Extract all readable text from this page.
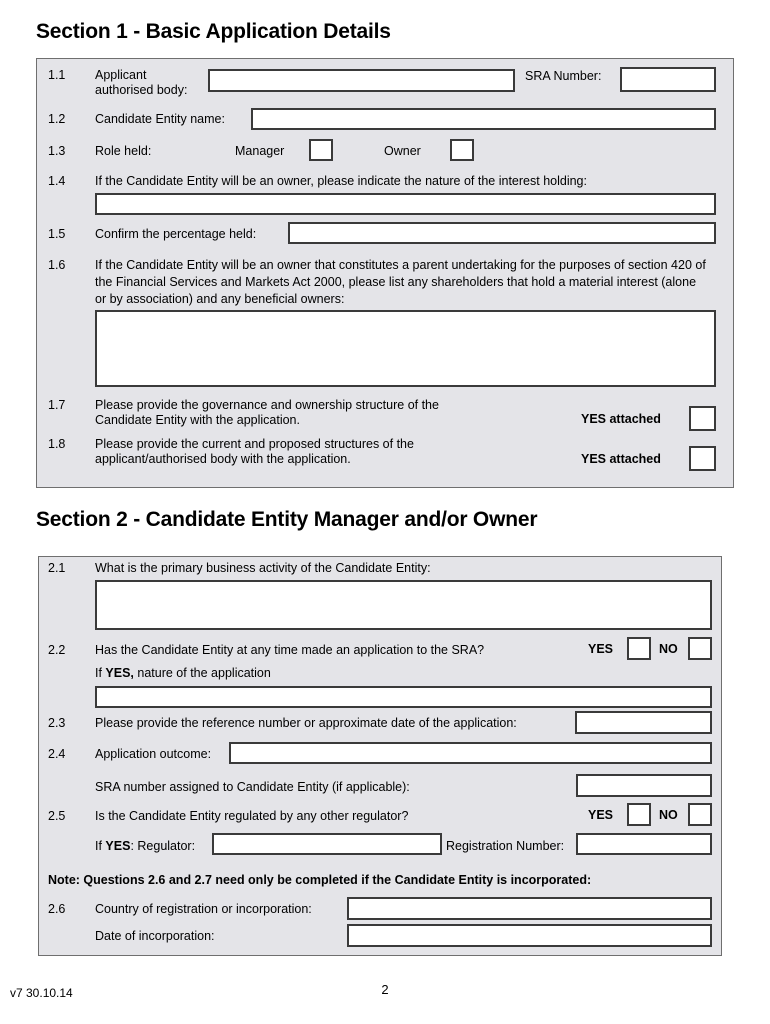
Section 1 - Basic Application Details
1.1 Applicant
authorised body:
SRA Number:
1.2 Candidate Entity name:
1.3 Role held:	Manager	Owner
1.4 If the Candidate Entity will be an owner, please indicate the nature of the interest holding:
1.5 Confirm the percentage held:
1.6 If the Candidate Entity will be an owner that constitutes a parent undertaking for the purposes of section 420 of the Financial Services and Markets Act 2000, please list any shareholders that hold a material interest (alone or by association) and any beneficial owners:
1.7 Please provide the governance and ownership structure of the
Candidate Entity with the application.	YES attached
1.8 Please provide the current and proposed structures of the
applicant/authorised body with the application.	YES attached
Section 2 - Candidate Entity Manager and/or Owner
2.1 What is the primary business activity of the Candidate Entity:
2.2 Has the Candidate Entity at any time made an application to the SRA?	YES	NO
If YES, nature of the application
2.3 Please provide the reference number or approximate date of the application:
2.4 Application outcome:
SRA number assigned to Candidate Entity (if applicable):
2.5 Is the Candidate Entity regulated by any other regulator?	YES	NO
If YES: Regulator:	Registration Number:
Note: Questions 2.6 and 2.7 need only be completed if the Candidate Entity is incorporated:
2.6 Country of registration or incorporation:
Date of incorporation:
v7 30.10.14	2
